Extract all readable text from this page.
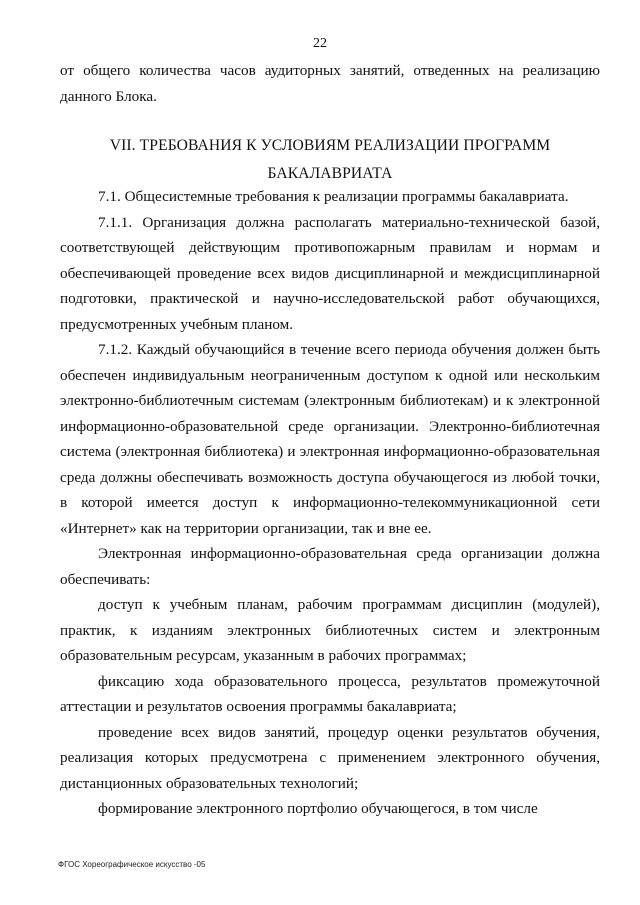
22

от общего количества часов аудиторных занятий, отведенных на реализацию данного Блока.

VII. ТРЕБОВАНИЯ К УСЛОВИЯМ РЕАЛИЗАЦИИ ПРОГРАММ
БАКАЛАВРИАТА

7.1. Общесистемные требования к реализации программы бакалавриата.

7.1.1. Организация должна располагать материально-технической базой, соответствующей действующим противопожарным правилам и нормам и обеспечивающей проведение всех видов дисциплинарной и междисциплинарной подготовки, практической и научно-исследовательской работ обучающихся, предусмотренных учебным планом.

7.1.2. Каждый обучающийся в течение всего периода обучения должен быть обеспечен индивидуальным неограниченным доступом к одной или нескольким электронно-библиотечным системам (электронным библиотекам) и к электронной информационно-образовательной среде организации. Электронно-библиотечная система (электронная библиотека) и электронная информационно-образовательная среда должны обеспечивать возможность доступа обучающегося из любой точки, в которой имеется доступ к информационно-телекоммуникационной сети «Интернет» как на территории организации, так и вне ее.

Электронная информационно-образовательная среда организации должна обеспечивать:

доступ к учебным планам, рабочим программам дисциплин (модулей), практик, к изданиям электронных библиотечных систем и электронным образовательным ресурсам, указанным в рабочих программах;

фиксацию хода образовательного процесса, результатов промежуточной аттестации и результатов освоения программы бакалавриата;

проведение всех видов занятий, процедур оценки результатов обучения, реализация которых предусмотрена с применением электронного обучения, дистанционных образовательных технологий;

формирование электронного портфолио обучающегося, в том числе

ФГОС Хореографическое искусство -05
